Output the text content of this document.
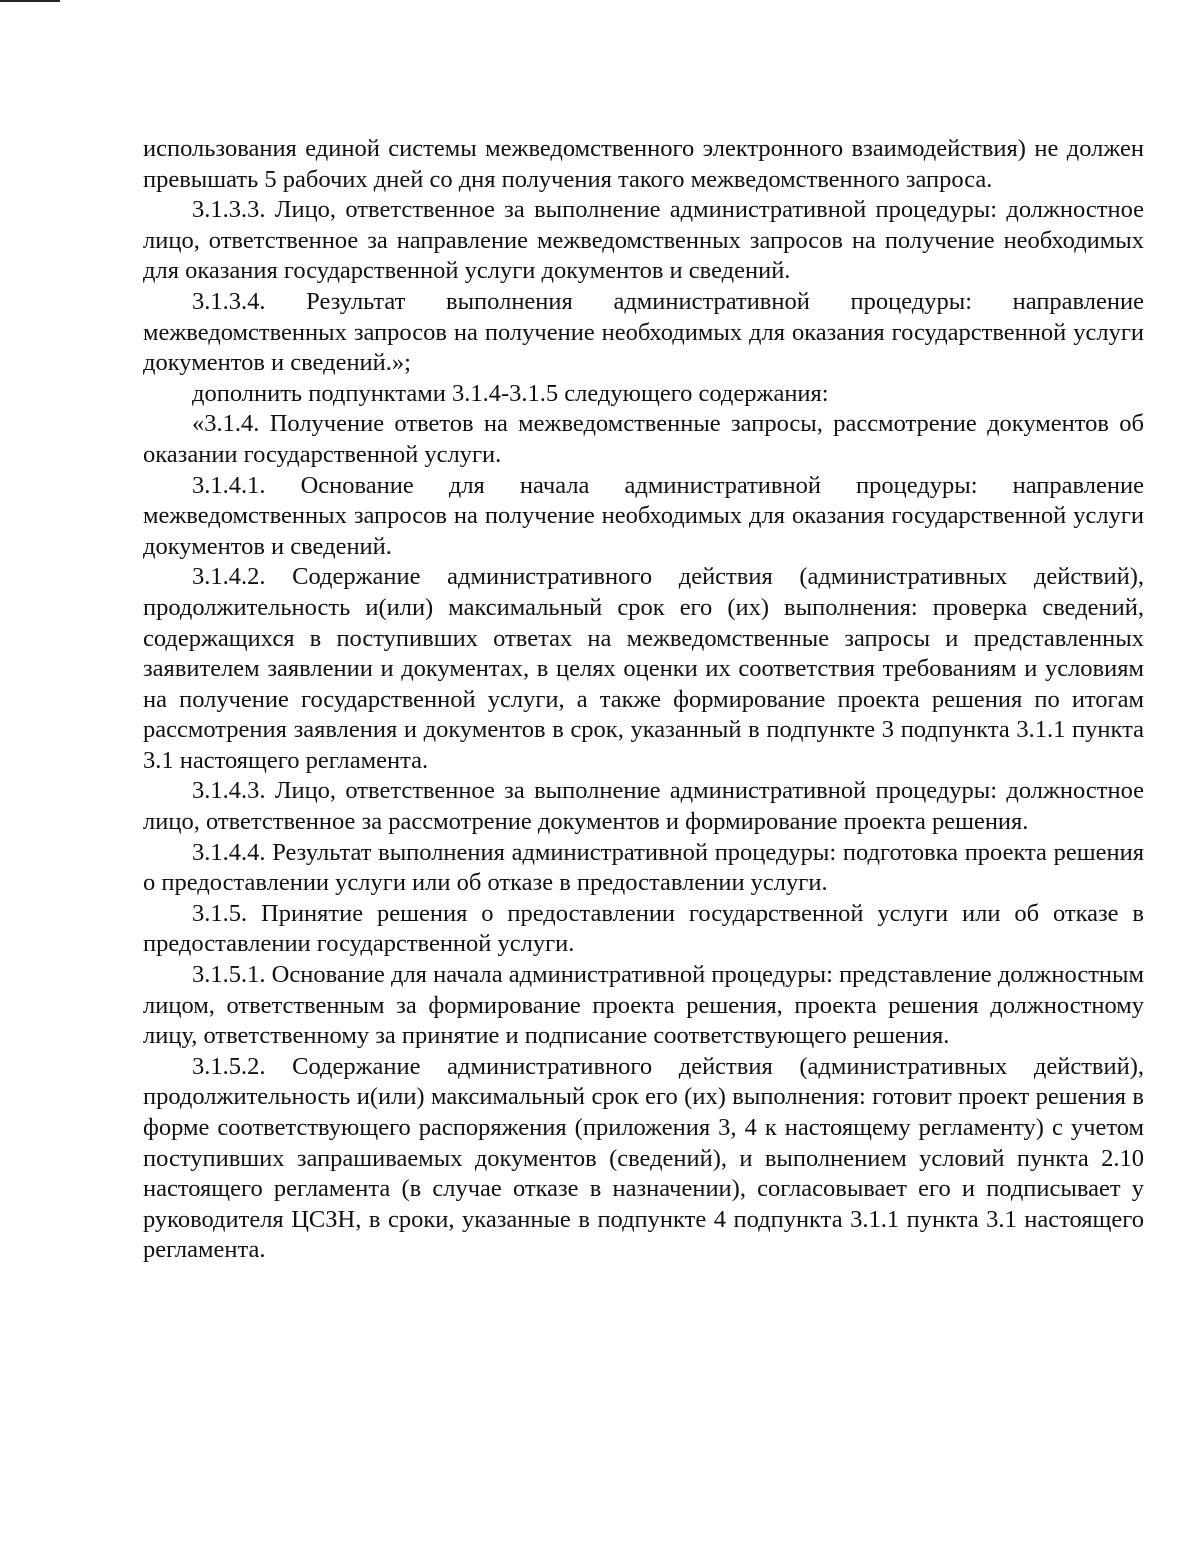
использования единой системы межведомственного электронного взаимодействия) не должен превышать 5 рабочих дней со дня получения такого межведомственного запроса.

3.1.3.3. Лицо, ответственное за выполнение административной процедуры: должностное лицо, ответственное за направление межведомственных запросов на получение необходимых для оказания государственной услуги документов и сведений.

3.1.3.4. Результат выполнения административной процедуры: направление межведомственных запросов на получение необходимых для оказания государственной услуги документов и сведений.»;

дополнить подпунктами 3.1.4-3.1.5 следующего содержания:

«3.1.4. Получение ответов на межведомственные запросы, рассмотрение документов об оказании государственной услуги.

3.1.4.1. Основание для начала административной процедуры: направление межведомственных запросов на получение необходимых для оказания государственной услуги документов и сведений.

3.1.4.2. Содержание административного действия (административных действий), продолжительность и(или) максимальный срок его (их) выполнения: проверка сведений, содержащихся в поступивших ответах на межведомственные запросы и представленных заявителем заявлении и документах, в целях оценки их соответствия требованиям и условиям на получение государственной услуги, а также формирование проекта решения по итогам рассмотрения заявления и документов в срок, указанный в подпункте 3 подпункта 3.1.1 пункта 3.1 настоящего регламента.

3.1.4.3. Лицо, ответственное за выполнение административной процедуры: должностное лицо, ответственное за рассмотрение документов и формирование проекта решения.

3.1.4.4. Результат выполнения административной процедуры: подготовка проекта решения о предоставлении услуги или об отказе в предоставлении услуги.

3.1.5. Принятие решения о предоставлении государственной услуги или об отказе в предоставлении государственной услуги.

3.1.5.1. Основание для начала административной процедуры: представление должностным лицом, ответственным за формирование проекта решения, проекта решения должностному лицу, ответственному за принятие и подписание соответствующего решения.

3.1.5.2. Содержание административного действия (административных действий), продолжительность и(или) максимальный срок его (их) выполнения: готовит проект решения в форме соответствующего распоряжения (приложения 3, 4 к настоящему регламенту) с учетом поступивших запрашиваемых документов (сведений), и выполнением условий пункта 2.10 настоящего регламента (в случае отказе в назначении), согласовывает его и подписывает у руководителя ЦСЗН, в сроки, указанные в подпункте 4 подпункта 3.1.1 пункта 3.1 настоящего регламента.
